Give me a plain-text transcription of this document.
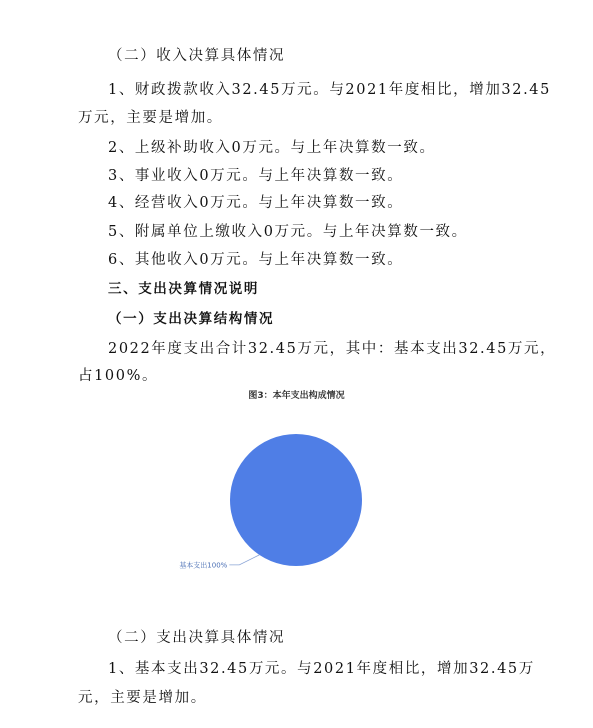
（二）收入决算具体情况
1、财政拨款收入32.45万元。与2021年度相比，增加32.45
万元，主要是增加。
2、上级补助收入0万元。与上年决算数一致。
3、事业收入0万元。与上年决算数一致。
4、经营收入0万元。与上年决算数一致。
5、附属单位上缴收入0万元。与上年决算数一致。
6、其他收入0万元。与上年决算数一致。
三、支出决算情况说明
（一）支出决算结构情况
2022年度支出合计32.45万元，其中：基本支出32.45万元，
占100%。
图3：本年支出构成情况
基本支出100%
（二）支出决算具体情况
1、基本支出32.45万元。与2021年度相比，增加32.45万
元，主要是增加。
